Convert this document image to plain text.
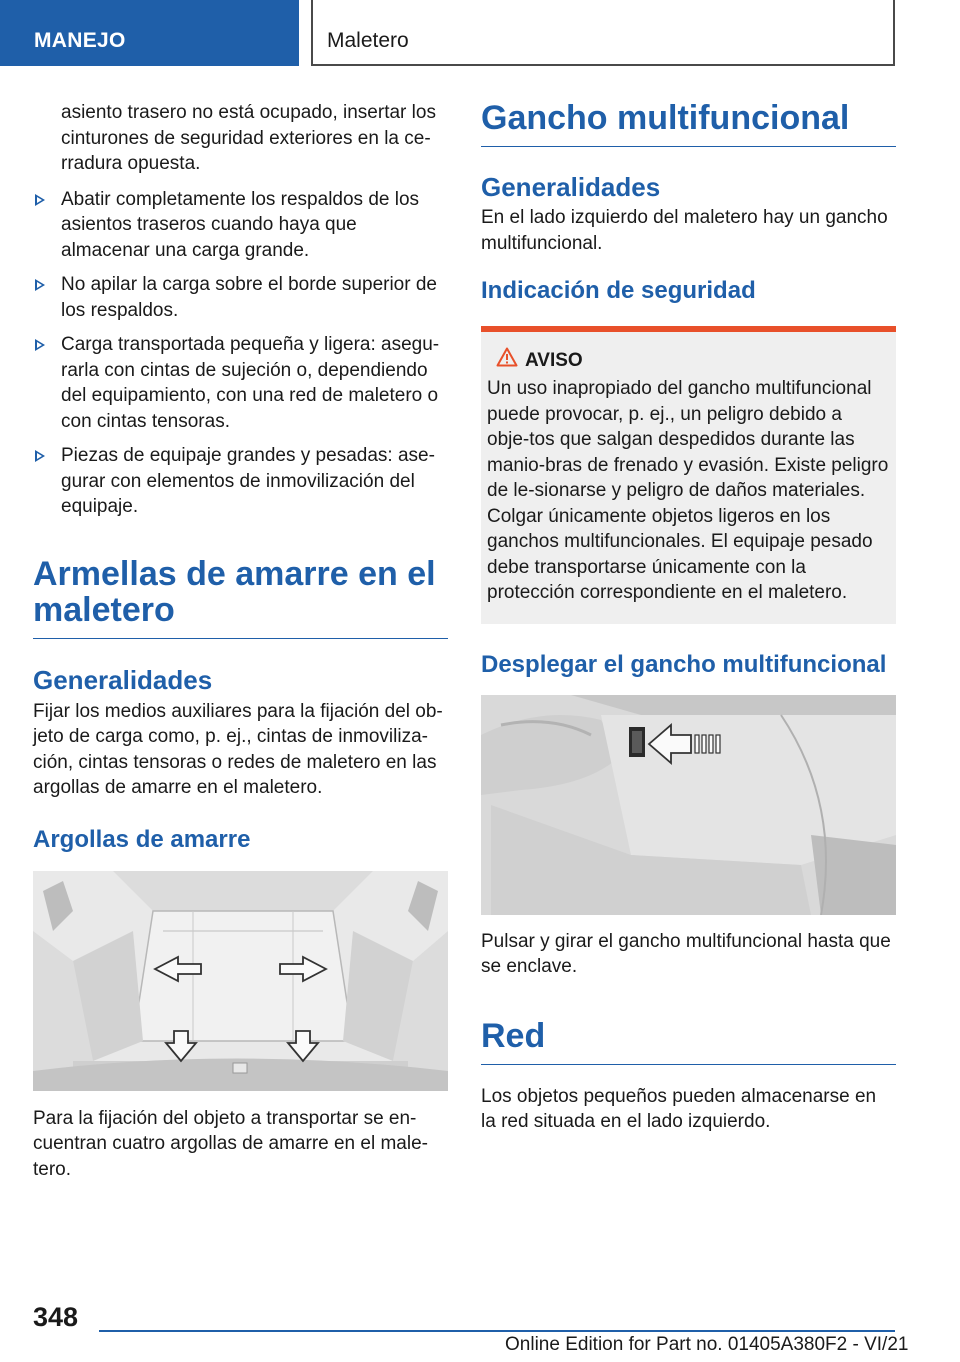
MANEJO	Maletero
asiento trasero no está ocupado, insertar los cinturones de seguridad exteriores en la ce-rradura opuesta.
Abatir completamente los respaldos de los asientos traseros cuando haya que almacenar una carga grande.
No apilar la carga sobre el borde superior de los respaldos.
Carga transportada pequeña y ligera: asegu-rarla con cintas de sujeción o, dependiendo del equipamiento, con una red de maletero o con cintas tensoras.
Piezas de equipaje grandes y pesadas: ase-gurar con elementos de inmovilización del equipaje.
Armellas de amarre en el maletero
Generalidades
Fijar los medios auxiliares para la fijación del ob-jeto de carga como, p. ej., cintas de inmoviliza-ción, cintas tensoras o redes de maletero en las argollas de amarre en el maletero.
Argollas de amarre
Para la fijación del objeto a transportar se en-cuentran cuatro argollas de amarre en el male-tero.
Gancho multifuncional
Generalidades
En el lado izquierdo del maletero hay un gancho multifuncional.
Indicación de seguridad
AVISO
Un uso inapropiado del gancho multifuncional puede provocar, p. ej., un peligro debido a obje-tos que salgan despedidos durante las manio-bras de frenado y evasión. Existe peligro de le-sionarse y peligro de daños materiales. Colgar únicamente objetos ligeros en los ganchos multifuncionales. El equipaje pesado debe transportarse únicamente con la protección correspondiente en el maletero.
Desplegar el gancho multifuncional
Pulsar y girar el gancho multifuncional hasta que se enclave.
Red
Los objetos pequeños pueden almacenarse en la red situada en el lado izquierdo.
348
Online Edition for Part no. 01405A380F2 - VI/21
